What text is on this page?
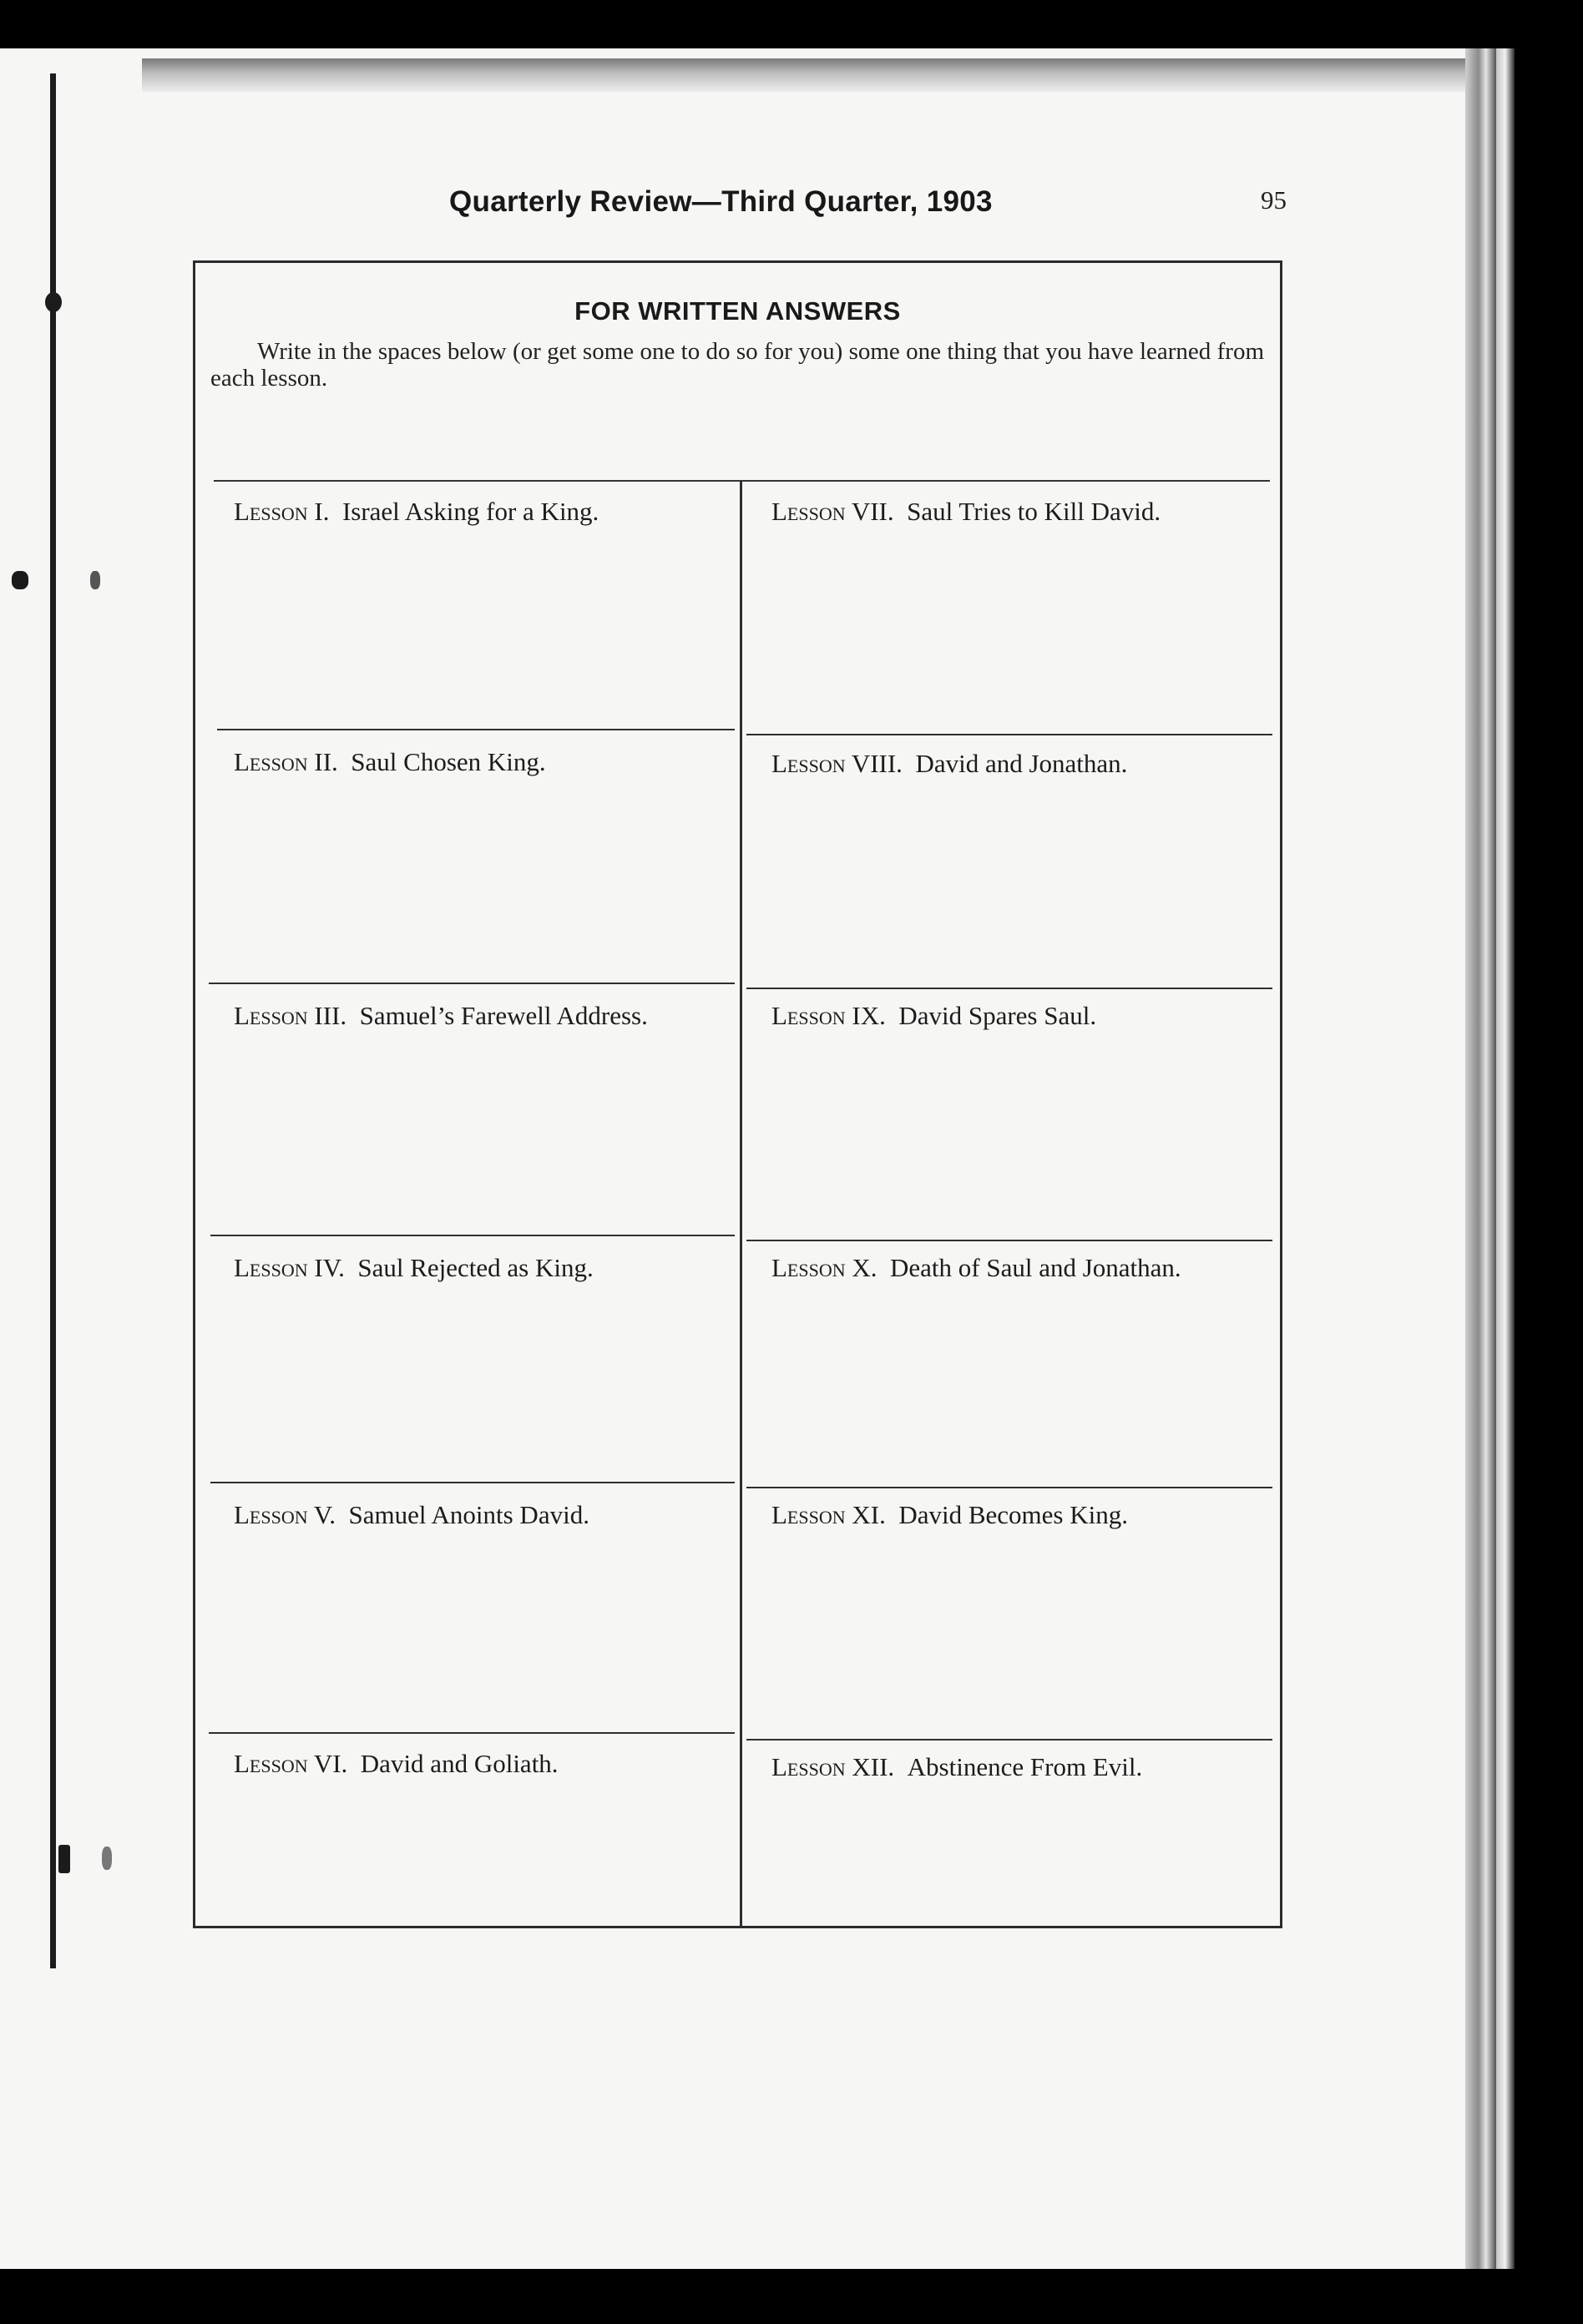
Quarterly Review—Third Quarter, 1903	95
FOR WRITTEN ANSWERS
Write in the spaces below (or get some one to do so for you) some one thing that you have learned from each lesson.
Lesson I. Israel Asking for a King.
Lesson II. Saul Chosen King.
Lesson III. Samuel’s Farewell Address.
Lesson IV. Saul Rejected as King.
Lesson V. Samuel Anoints David.
Lesson VI. David and Goliath.
Lesson VII. Saul Tries to Kill David.
Lesson VIII. David and Jonathan.
Lesson IX. David Spares Saul.
Lesson X. Death of Saul and Jonathan.
Lesson XI. David Becomes King.
Lesson XII. Abstinence From Evil.
